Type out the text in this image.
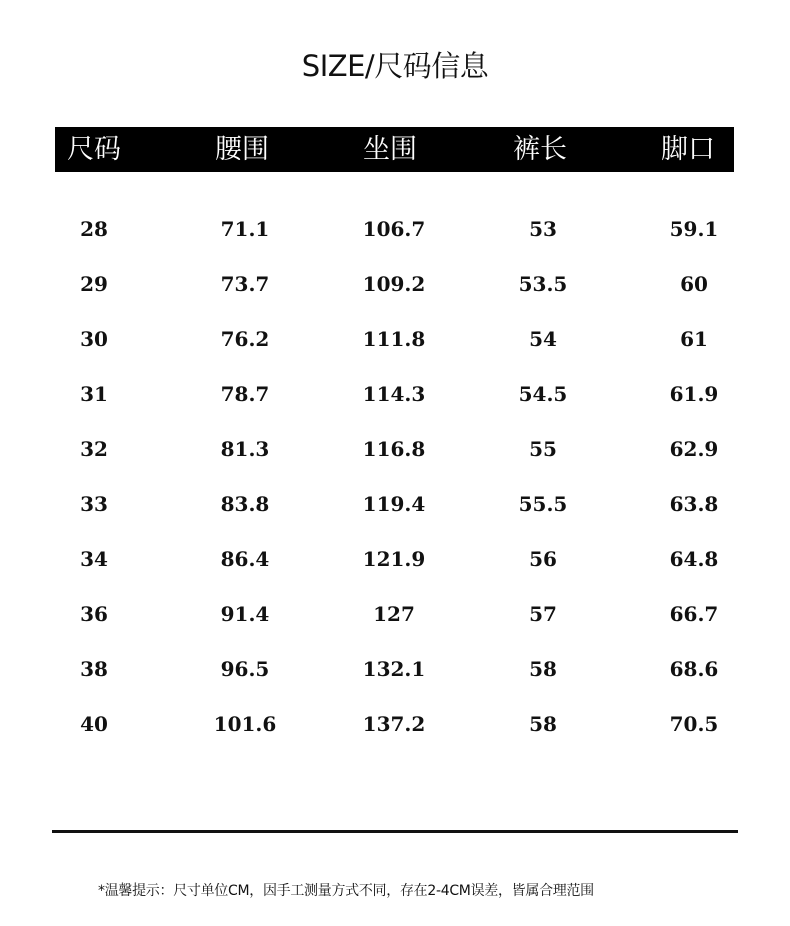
SIZE/尺码信息
尺码	腰围	坐围	裤长	脚口
28	71.1	106.7	53	59.1
29	73.7	109.2	53.5	60
30	76.2	111.8	54	61
31	78.7	114.3	54.5	61.9
32	81.3	116.8	55	62.9
33	83.8	119.4	55.5	63.8
34	86.4	121.9	56	64.8
36	91.4	127	57	66.7
38	96.5	132.1	58	68.6
40	101.6	137.2	58	70.5
*温馨提示：尺寸单位CM，因手工测量方式不同，存在2-4CM误差，皆属合理范围
